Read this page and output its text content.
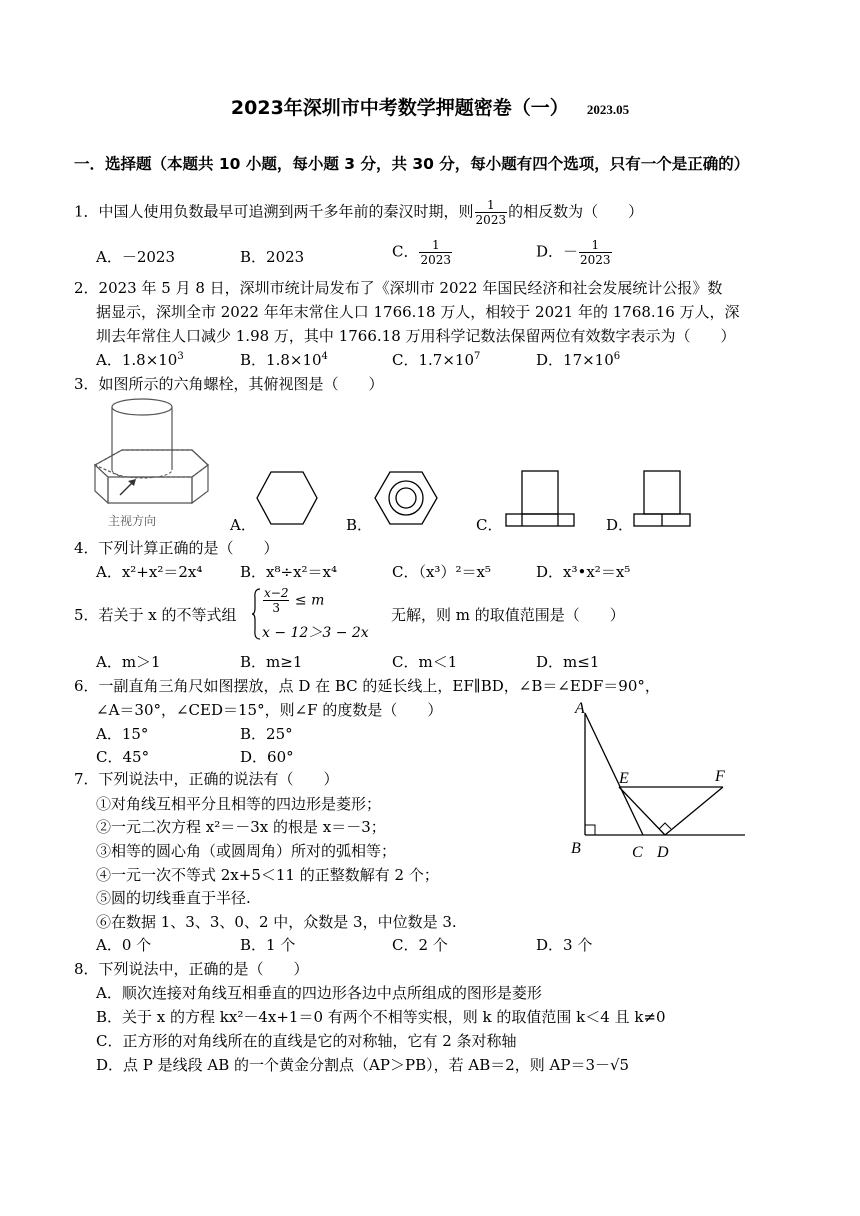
2023年深圳市中考数学押题密卷（一） 2023.05
一．选择题（本题共 10 小题，每小题 3 分，共 30 分，每小题有四个选项，只有一个是正确的）
1．中国人使用负数最早可追溯到两千多年前的秦汉时期，则 $\frac{1}{2023}$ 的相反数为（　　）
A．－2023	B．2023	C． $\frac{1}{2023}$	D．－ $\frac{1}{2023}$
2．2023 年 5 月 8 日，深圳市统计局发布了《深圳市 2022 年国民经济和社会发展统计公报》数
据显示，深圳全市 2022 年年末常住人口 1766.18 万人，相较于 2021 年的 1768.16 万人，深
圳去年常住人口减少 1.98 万，其中 1766.18 万用科学记数法保留两位有效数字表示为（　　）
A．$1.8\times 10^3$	B．$1.8\times 10^4$	C．$1.7\times 10^7$	D．$17\times 10^6$
3．如图所示的六角螺栓，其俯视图是（　　）
主视方向	A．	B．	C．	D．
4．下列计算正确的是（　　）
A．x²+x²＝2x⁴	B．x⁸÷x²＝x⁴	C．（x³）²＝x⁵	D．x³•x²＝x⁵
5．若关于 x 的不等式组 $\frac{x-2}{3} \le m$
x − 12＞3 − 2x
无解，则 m 的取值范围是（　　）
A．m＞1	B．m≥1	C．m＜1	D．m≤1
6．一副直角三角尺如图摆放，点 D 在 BC 的延长线上，EF∥BD，∠B＝∠EDF＝90°，
∠A＝30°，∠CED＝15°，则∠F 的度数是（　　）
A．15°	B．25°
C．45°	D．60°
A
B	C D
E	F
7．下列说法中，正确的说法有（　　）
①对角线互相平分且相等的四边形是菱形；
②一元二次方程 x²＝－3x 的根是 x＝－3；
③相等的圆心角（或圆周角）所对的弧相等；
④一元一次不等式 2x+5＜11 的正整数解有 2 个；
⑤圆的切线垂直于半径.
⑥在数据 1、3、3、0、2 中，众数是 3，中位数是 3.
A．0 个	B．1 个	C．2 个	D．3 个
8．下列说法中，正确的是（　　）
A．顺次连接对角线互相垂直的四边形各边中点所组成的图形是菱形
B．关于 x 的方程 kx²－4x+1＝0 有两个不相等实根，则 k 的取值范围 k＜4 且 k≠0
C．正方形的对角线所在的直线是它的对称轴，它有 2 条对称轴
D．点 P 是线段 AB 的一个黄金分割点（AP＞PB），若 AB＝2，则 AP＝3－√5
